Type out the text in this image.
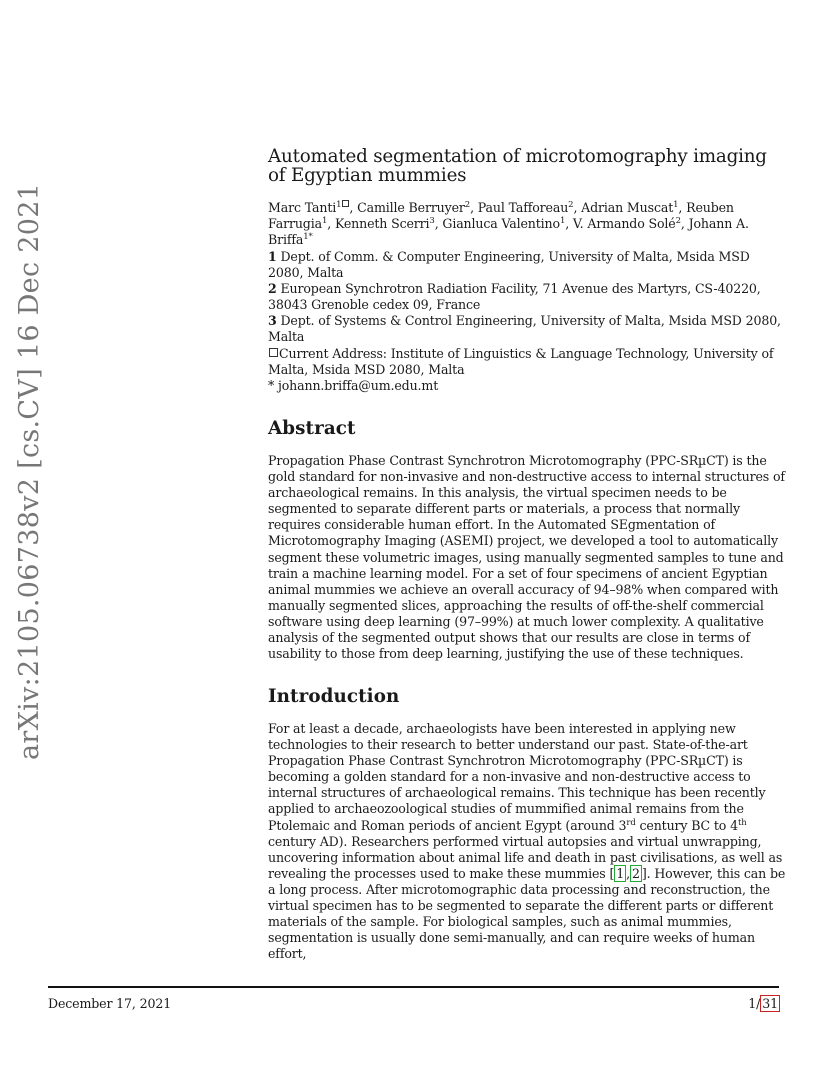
arXiv:2105.06738v2 [cs.CV] 16 Dec 2021
Automated segmentation of microtomography imaging of Egyptian mummies
Marc Tanti$^1$ , Camille Berruyer$^2$, Paul Tafforeau$^2$, Adrian Muscat$^1$, Reuben Farrugia$^1$, Kenneth Scerri$^3$, Gianluca Valentino$^1$, V. Armando Solé$^2$, Johann A. Briffa$^{1*}$

1 Dept. of Comm. & Computer Engineering, University of Malta, Msida MSD 2080, Malta

2 European Synchrotron Radiation Facility, 71 Avenue des Martyrs, CS-40220, 38043 Grenoble cedex 09, France

3 Dept. of Systems & Control Engineering, University of Malta, Msida MSD 2080, Malta

Current Address: Institute of Linguistics & Language Technology, University of Malta, Msida MSD 2080, Malta

* johann.briffa@um.edu.mt

Abstract
Propagation Phase Contrast Synchrotron Microtomography (PPC-SRµCT) is the gold standard for non-invasive and non-destructive access to internal structures of archaeological remains. In this analysis, the virtual specimen needs to be segmented to separate different parts or materials, a process that normally requires considerable human effort. In the Automated SEgmentation of Microtomography Imaging (ASEMI) project, we developed a tool to automatically segment these volumetric images, using manually segmented samples to tune and train a machine learning model. For a set of four specimens of ancient Egyptian animal mummies we achieve an overall accuracy of 94–98% when compared with manually segmented slices, approaching the results of off-the-shelf commercial software using deep learning (97–99%) at much lower complexity. A qualitative analysis of the segmented output shows that our results are close in terms of usability to those from deep learning, justifying the use of these techniques.
Introduction
For at least a decade, archaeologists have been interested in applying new technologies to their research to better understand our past. State-of-the-art Propagation Phase Contrast Synchrotron Microtomography (PPC-SRµCT) is becoming a golden standard for a non-invasive and non-destructive access to internal structures of archaeological remains. This technique has been recently applied to archaeozoological studies of mummified animal remains from the Ptolemaic and Roman periods of ancient Egypt (around 3rd century BC to 4th century AD). Researchers performed virtual autopsies and virtual unwrapping, uncovering information about animal life and death in past civilisations, as well as revealing the processes used to make these mummies [ 1 , 2 ]. However, this can be a long process. After microtomographic data processing and reconstruction, the virtual specimen has to be segmented to separate the different parts or different materials of the sample. For biological samples, such as animal mummies, segmentation is usually done semi-manually, and can require weeks of human effort,
December 17, 2021	1/ 31
